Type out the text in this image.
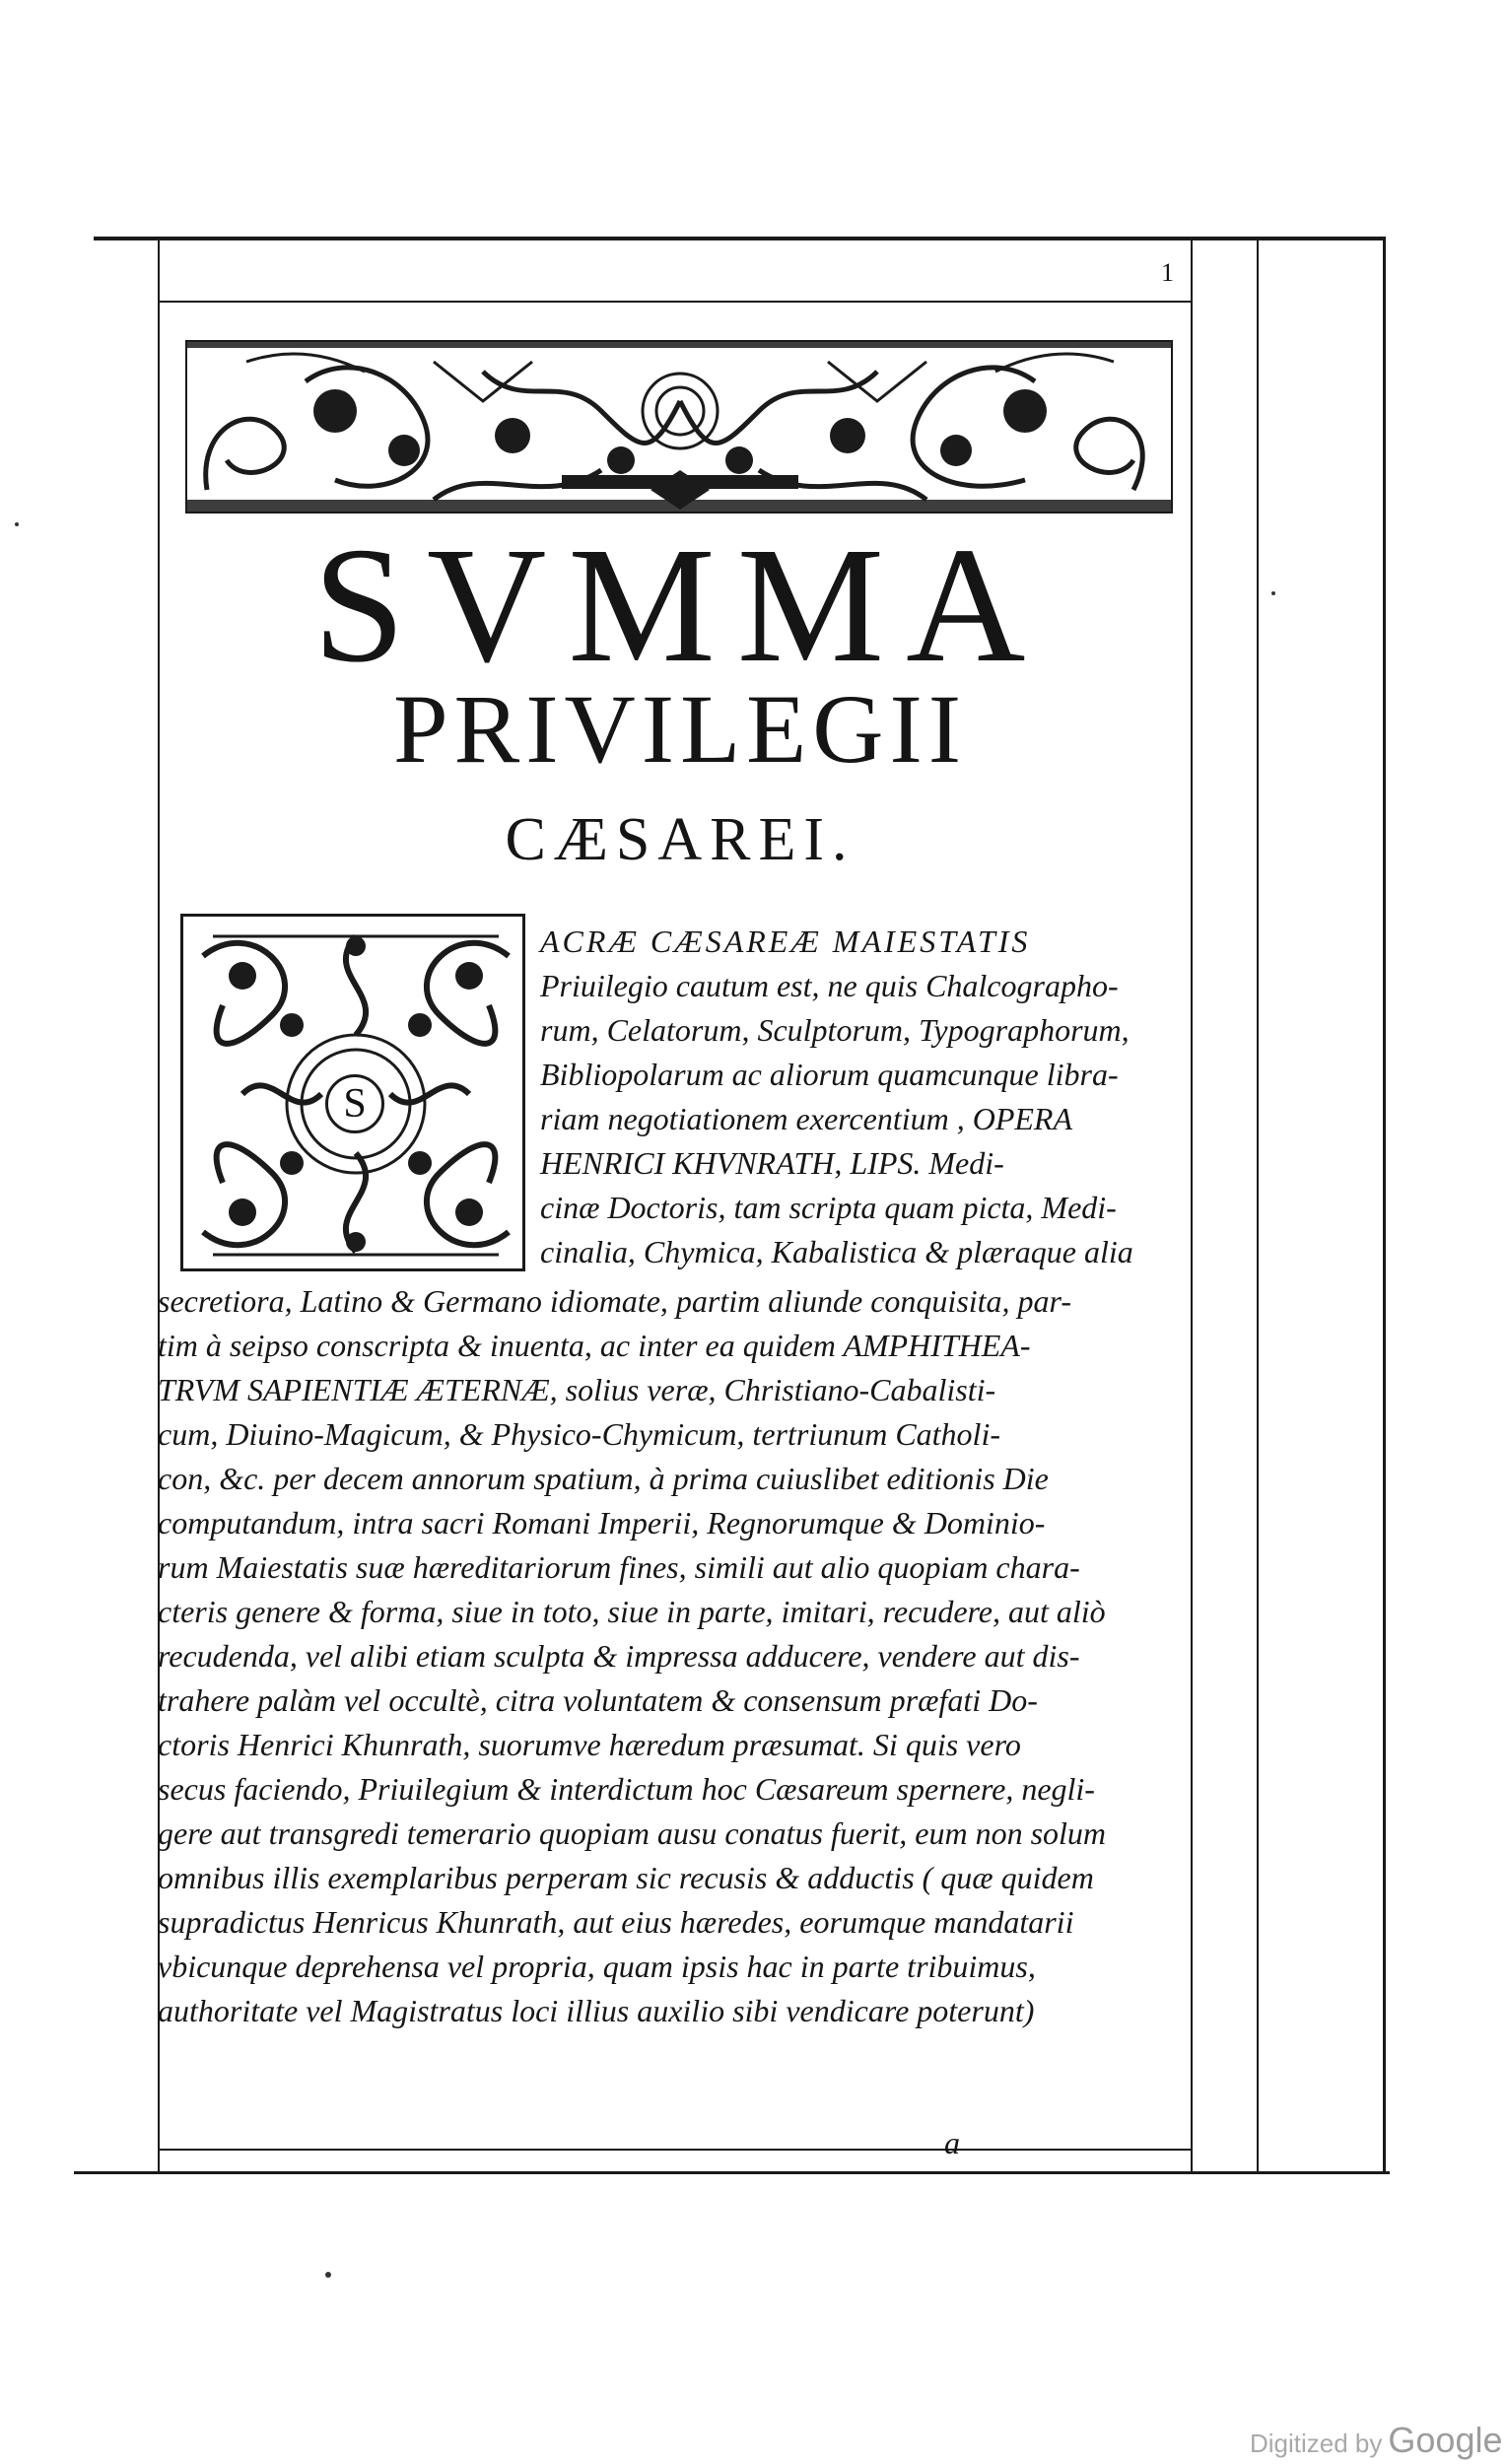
1
SVMMA
PRIVILEGII
CÆSAREI.
S
ACRÆ CÆSAREÆ MAIESTATIS
Priuilegio cautum est, ne quis Chalcographo-
rum, Celatorum, Sculptorum, Typographorum,
Bibliopolarum ac aliorum quamcunque libra-
riam negotiationem exercentium , OPERA
HENRICI KHVNRATH, LIPS. Medi-
cinæ Doctoris, tam scripta quam picta, Medi-
cinalia, Chymica, Kabalistica & plæraque alia
secretiora, Latino & Germano idiomate, partim aliunde conquisita, par-
tim à seipso conscripta & inuenta, ac inter ea quidem AMPHITHEA-
TRVM SAPIENTIÆ ÆTERNÆ, solius veræ, Christiano-Cabalisti-
cum, Diuino-Magicum, & Physico-Chymicum, tertriunum Catholi-
con, &c. per decem annorum spatium, à prima cuiuslibet editionis Die
computandum, intra sacri Romani Imperii, Regnorumque & Dominio-
rum Maiestatis suæ hæreditariorum fines, simili aut alio quopiam chara-
cteris genere & forma, siue in toto, siue in parte, imitari, recudere, aut aliò
recudenda, vel alibi etiam sculpta & impressa adducere, vendere aut dis-
trahere palàm vel occultè, citra voluntatem & consensum præfati Do-
ctoris Henrici Khunrath, suorumve hæredum præsumat. Si quis vero
secus faciendo, Priuilegium & interdictum hoc Cæsareum spernere, negli-
gere aut transgredi temerario quopiam ausu conatus fuerit, eum non solum
omnibus illis exemplaribus perperam sic recusis & adductis ( quæ quidem
supradictus Henricus Khunrath, aut eius hæredes, eorumque mandatarii
vbicunque deprehensa vel propria, quam ipsis hac in parte tribuimus,
authoritate vel Magistratus loci illius auxilio sibi vendicare poterunt)
a
Digitized by Google
